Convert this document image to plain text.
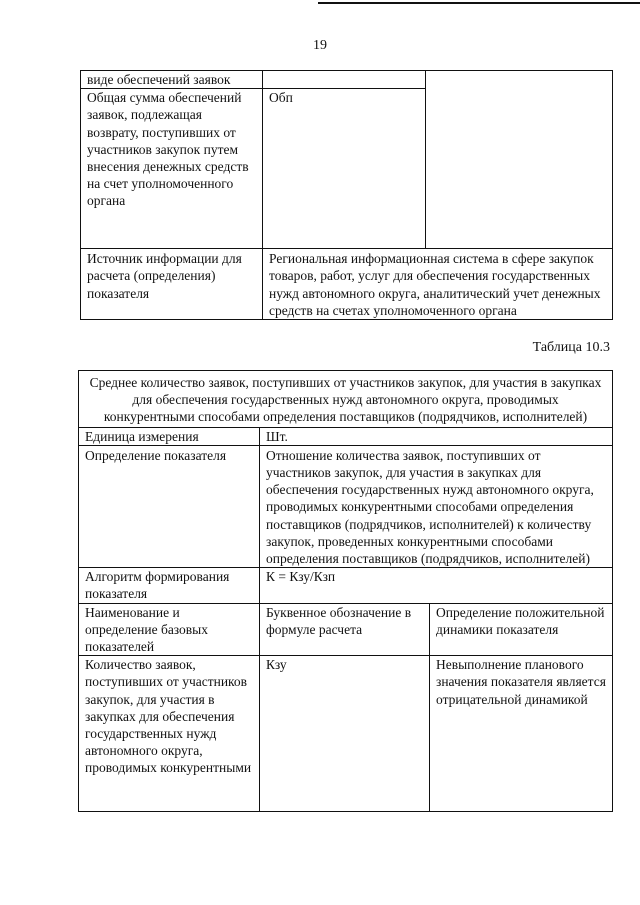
19
виде обеспечений заявок		
Общая сумма обеспечений заявок, подлежащая возврату, поступивших от участников закупок путем внесения денежных средств на счет уполномоченного органа	Обп	
Источник информации для расчета (определения) показателя	Региональная информационная система в сфере закупок товаров, работ, услуг для обеспечения государственных нужд автономного округа, аналитический учет денежных средств на счетах уполномоченного органа	
Таблица 10.3
Среднее количество заявок, поступивших от участников закупок, для участия в закупках для обеспечения государственных нужд автономного округа, проводимых конкурентными способами определения поставщиков (подрядчиков, исполнителей)		
Единица измерения	Шт.	
Определение показателя	Отношение количества заявок, поступивших от участников закупок, для участия в закупках для обеспечения государственных нужд автономного округа, проводимых конкурентными способами определения поставщиков (подрядчиков, исполнителей) к количеству закупок, проведенных конкурентными способами определения поставщиков (подрядчиков, исполнителей)	
Алгоритм формирования показателя	К = Кзу/Кзп	
Наименование и определение базовых показателей	Буквенное обозначение в формуле расчета	Определение положительной динамики показателя
Количество заявок, поступивших от участников закупок, для участия в закупках для обеспечения государственных нужд автономного округа, проводимых конкурентными	Кзу	Невыполнение планового значения показателя является отрицательной динамикой
